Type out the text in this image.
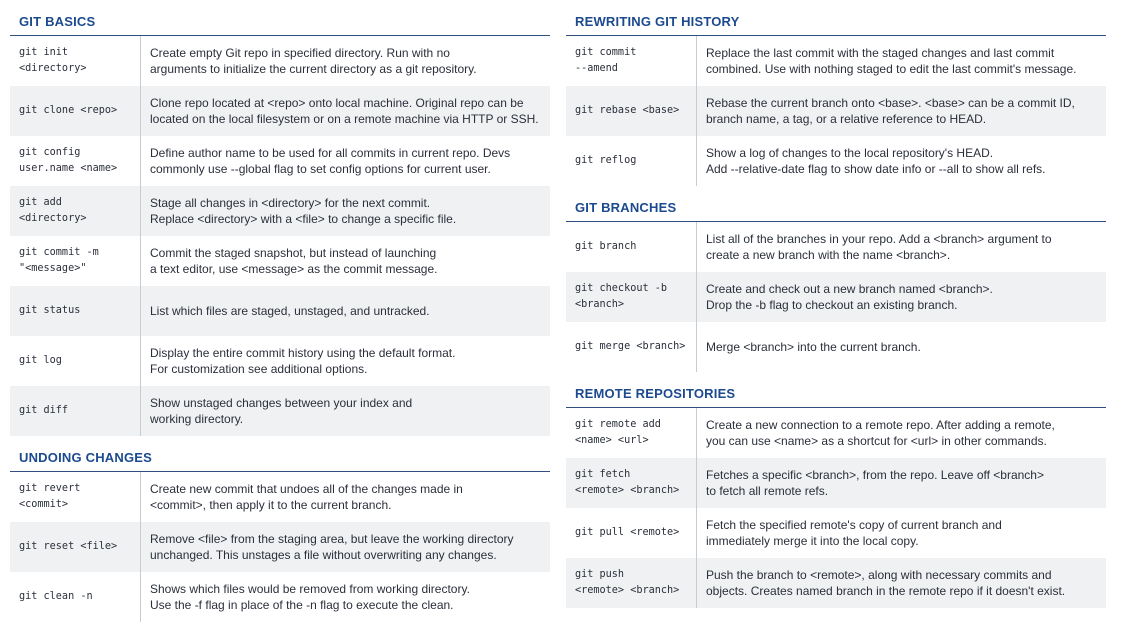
GIT BASICS
git init
<directory>
Create empty Git repo in specified directory. Run with no
arguments to initialize the current directory as a git repository.
git clone <repo>
Clone repo located at <repo> onto local machine. Original repo can be
located on the local filesystem or on a remote machine via HTTP or SSH.
git config
user.name <name>
Define author name to be used for all commits in current repo. Devs
commonly use --global flag to set config options for current user.
git add
<directory>
Stage all changes in <directory> for the next commit.
Replace <directory> with a <file> to change a specific file.
git commit -m
"<message>"
Commit the staged snapshot, but instead of launching
a text editor, use <message> as the commit message.
git status	List which files are staged, unstaged, and untracked.
git log
Display the entire commit history using the default format.
For customization see additional options.
git diff
Show unstaged changes between your index and
working directory.
UNDOING CHANGES
git revert
<commit>
Create new commit that undoes all of the changes made in
<commit>, then apply it to the current branch.
git reset <file>
Remove <file> from the staging area, but leave the working directory
unchanged. This unstages a file without overwriting any changes.
git clean -n
Shows which files would be removed from working directory.
Use the -f flag in place of the -n flag to execute the clean.
REWRITING GIT HISTORY
git commit
--amend
Replace the last commit with the staged changes and last commit
combined. Use with nothing staged to edit the last commit's message.
git rebase <base>
Rebase the current branch onto <base>. <base> can be a commit ID,
branch name, a tag, or a relative reference to HEAD.
git reflog
Show a log of changes to the local repository's HEAD.
Add --relative-date flag to show date info or --all to show all refs.
GIT BRANCHES
git branch
List all of the branches in your repo. Add a <branch> argument to
create a new branch with the name <branch>.
git checkout -b
<branch>
Create and check out a new branch named <branch>.
Drop the -b flag to checkout an existing branch.
git merge <branch>	Merge <branch> into the current branch.
REMOTE REPOSITORIES
git remote add
<name> <url>
Create a new connection to a remote repo. After adding a remote,
you can use <name> as a shortcut for <url> in other commands.
git fetch
<remote> <branch>
Fetches a specific <branch>, from the repo. Leave off <branch>
to fetch all remote refs.
git pull <remote>
Fetch the specified remote's copy of current branch and
immediately merge it into the local copy.
git push
<remote> <branch>
Push the branch to <remote>, along with necessary commits and
objects. Creates named branch in the remote repo if it doesn't exist.
